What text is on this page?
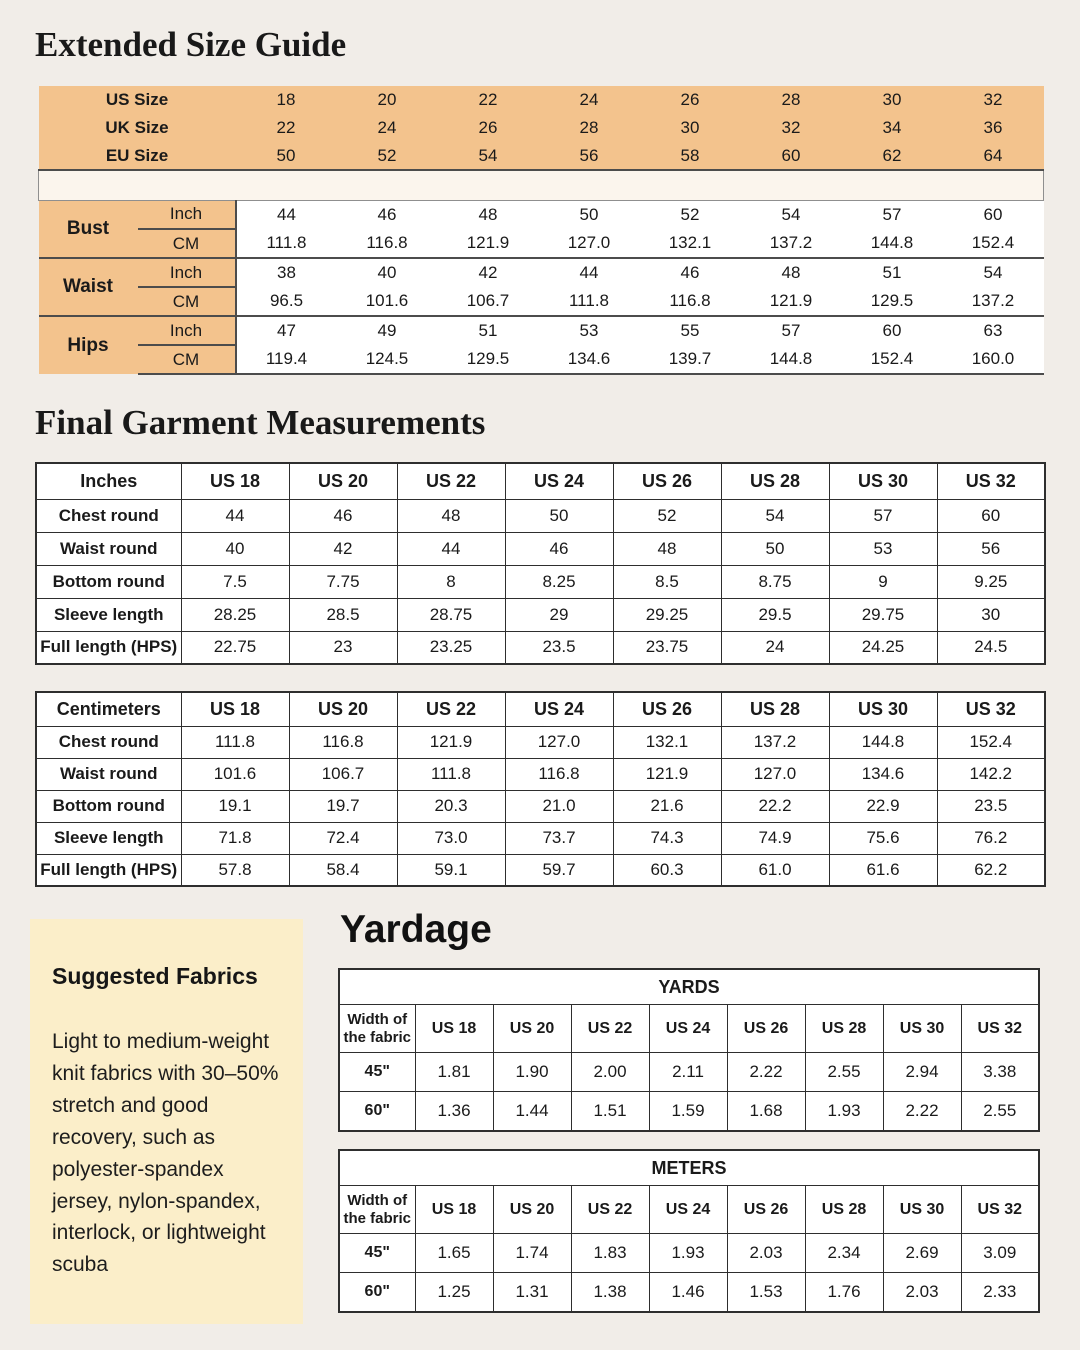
Extended Size Guide
US Size		18	20	22	24	26	28	30	32
UK Size		22	24	26	28	30	32	34	36
EU Size		50	52	54	56	58	60	62	64

Bust	Inch	44	46	48	50	52	54	57	60
	CM	111.8	116.8	121.9	127.0	132.1	137.2	144.8	152.4
Waist	Inch	38	40	42	44	46	48	51	54
	CM	96.5	101.6	106.7	111.8	116.8	121.9	129.5	137.2
Hips	Inch	47	49	51	53	55	57	60	63
	CM	119.4	124.5	129.5	134.6	139.7	144.8	152.4	160.0
Final Garment Measurements
Inches	US 18	US 20	US 22	US 24	US 26	US 28	US 30	US 32
Chest round	44	46	48	50	52	54	57	60
Waist round	40	42	44	46	48	50	53	56
Bottom round	7.5	7.75	8	8.25	8.5	8.75	9	9.25
Sleeve length	28.25	28.5	28.75	29	29.25	29.5	29.75	30
Full length (HPS)	22.75	23	23.25	23.5	23.75	24	24.25	24.5
Centimeters	US 18	US 20	US 22	US 24	US 26	US 28	US 30	US 32
Chest round	111.8	116.8	121.9	127.0	132.1	137.2	144.8	152.4
Waist round	101.6	106.7	111.8	116.8	121.9	127.0	134.6	142.2
Bottom round	19.1	19.7	20.3	21.0	21.6	22.2	22.9	23.5
Sleeve length	71.8	72.4	73.0	73.7	74.3	74.9	75.6	76.2
Full length (HPS)	57.8	58.4	59.1	59.7	60.3	61.0	61.6	62.2
Suggested Fabrics

Light to medium-weight knit fabrics with 30–50% stretch and good recovery, such as polyester-spandex jersey, nylon-spandex, interlock, or lightweight scuba

Yardage
YARDS								
Width of the fabric	US 18	US 20	US 22	US 24	US 26	US 28	US 30	US 32
45"	1.81	1.90	2.00	2.11	2.22	2.55	2.94	3.38
60"	1.36	1.44	1.51	1.59	1.68	1.93	2.22	2.55
METERS								
Width of the fabric	US 18	US 20	US 22	US 24	US 26	US 28	US 30	US 32
45"	1.65	1.74	1.83	1.93	2.03	2.34	2.69	3.09
60"	1.25	1.31	1.38	1.46	1.53	1.76	2.03	2.33
